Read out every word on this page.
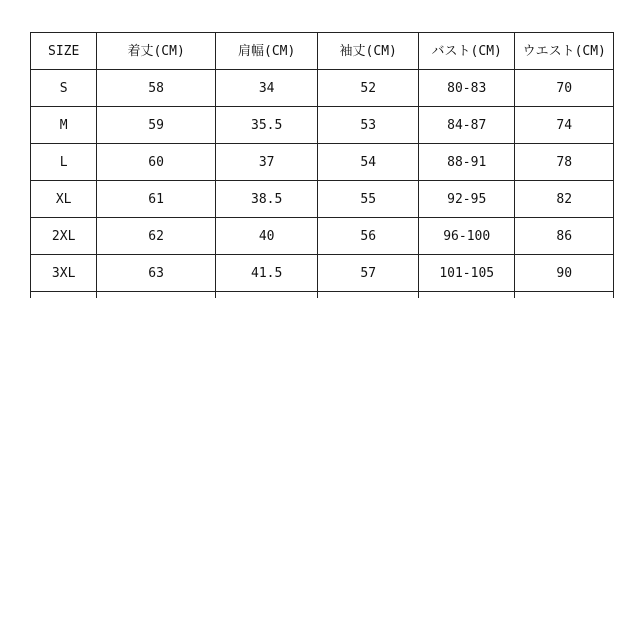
SIZE	着丈(CM)	肩幅(CM)	袖丈(CM)	バスト(CM)	ウエスト(CM)
S	58	34	52	80-83	70
M	59	35.5	53	84-87	74
L	60	37	54	88-91	78
XL	61	38.5	55	92-95	82
2XL	62	40	56	96-100	86
3XL	63	41.5	57	101-105	90
